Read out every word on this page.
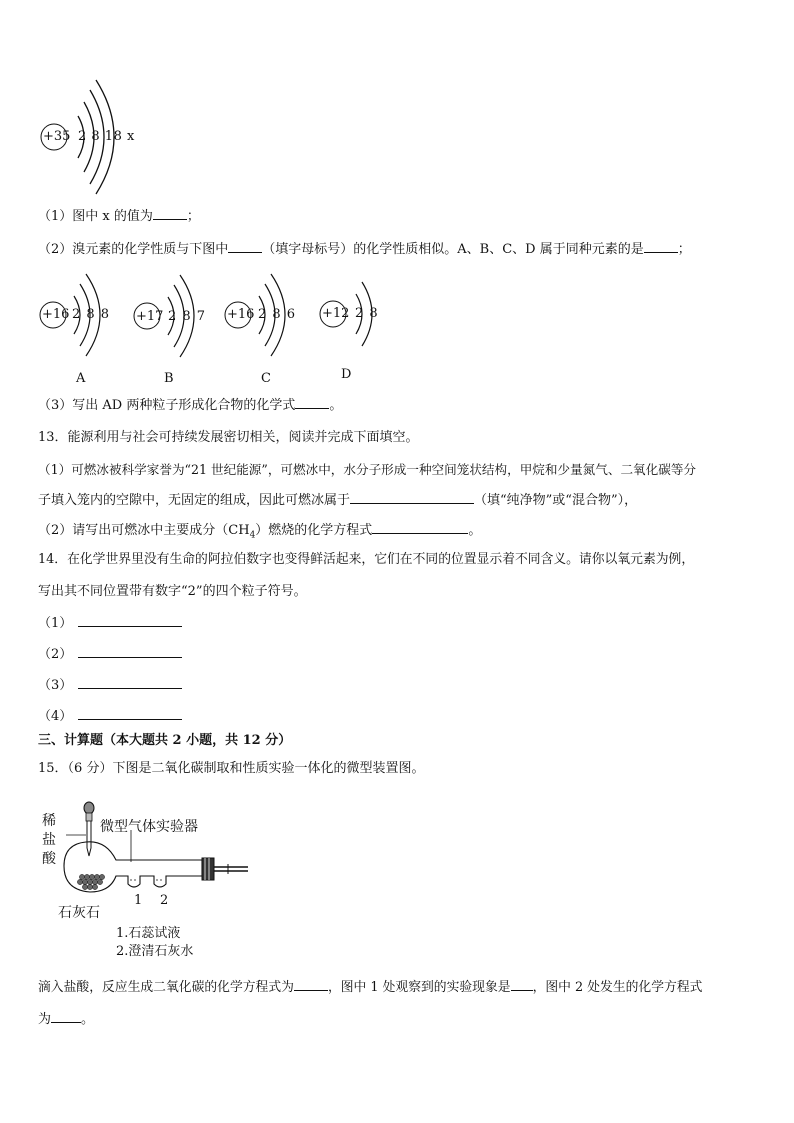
+35 2 8 18 x
（1）图中 x 的值为	；
（2）溴元素的化学性质与下图中	（填字母标号）的化学性质相似。A、B、C、D 属于同种元素的是	；
+16 2 8 8
A
+17 2 8 7
B
+16 2 8 6
C
+12 2 8
D
（3）写出 AD 两种粒子形成化合物的化学式	。
13．能源利用与社会可持续发展密切相关，阅读并完成下面填空。
（1）可燃冰被科学家誉为“21 世纪能源”，可燃冰中，水分子形成一种空间笼状结构，甲烷和少量氮气、二氧化碳等分
子填入笼内的空隙中，无固定的组成，因此可燃冰属于	（填“纯净物”或“混合物”），
（2）请写出可燃冰中主要成分$(CH_4)$燃烧的化学方程式	。
14．在化学世界里没有生命的阿拉伯数字也变得鲜活起来，它们在不同的位置显示着不同含义。请你以氧元素为例，
写出其不同位置带有数字“2”的四个粒子符号。
（1）
（2）
（3）
（4）
三、计算题（本大题共 2 小题，共 12 分）
15．（6 分）下图是二氧化碳制取和性质实验一体化的微型装置图。
稀
盐
酸
微型气体实验器
石灰石
1 2
1.石蕊试液
2.澄清石灰水
滴入盐酸，反应生成二氧化碳的化学方程式为	，图中 1 处观察到的实验现象是 ，图中 2 处发生的化学方程式
为 。
